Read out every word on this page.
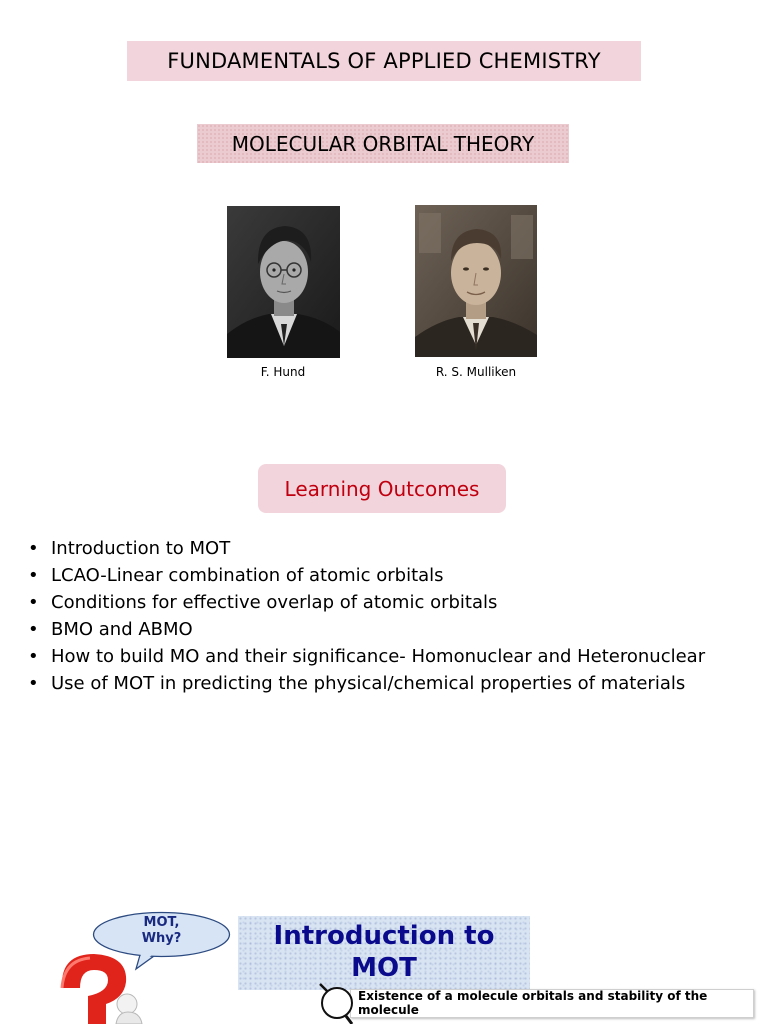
FUNDAMENTALS OF APPLIED CHEMISTRY
MOLECULAR ORBITAL THEORY
F. Hund	R. S. Mulliken
Learning Outcomes
• Introduction to MOT
• LCAO-Linear combination of atomic orbitals
• Conditions for effective overlap of atomic orbitals
• BMO and ABMO
• How to build MO and their significance- Homonuclear and Heteronuclear
• Use of MOT in predicting the physical/chemical properties of materials
MOT,
Why?	Introduction to
MOT
Existence of a molecule orbitals and stability of the molecule
